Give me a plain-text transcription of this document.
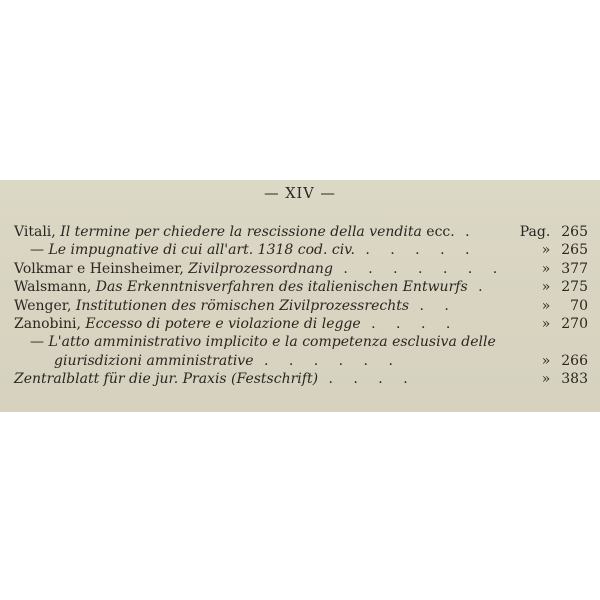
— XIV —
Vitali, Il termine per chiedere la rescissione della vendita ecc. .	Pag. 265
— Le impugnative di cui all'art. 1318 cod. civ. . . . . .	» 265
Volkmar e Heinsheimer, Zivilprozessordnang . . . . . . .	» 377
Walsmann, Das Erkenntnisverfahren des italienischen Entwurfs .	» 275
Wenger, Institutionen des römischen Zivilprozessrechts . .	» 70
Zanobini, Eccesso di potere e violazione di legge . . . .	» 270
— L'atto amministrativo implicito e la competenza esclusiva delle
giurisdizioni amministrative . . . . . .	» 266
Zentralblatt für die jur. Praxis (Festschrift) . . . .	» 383
